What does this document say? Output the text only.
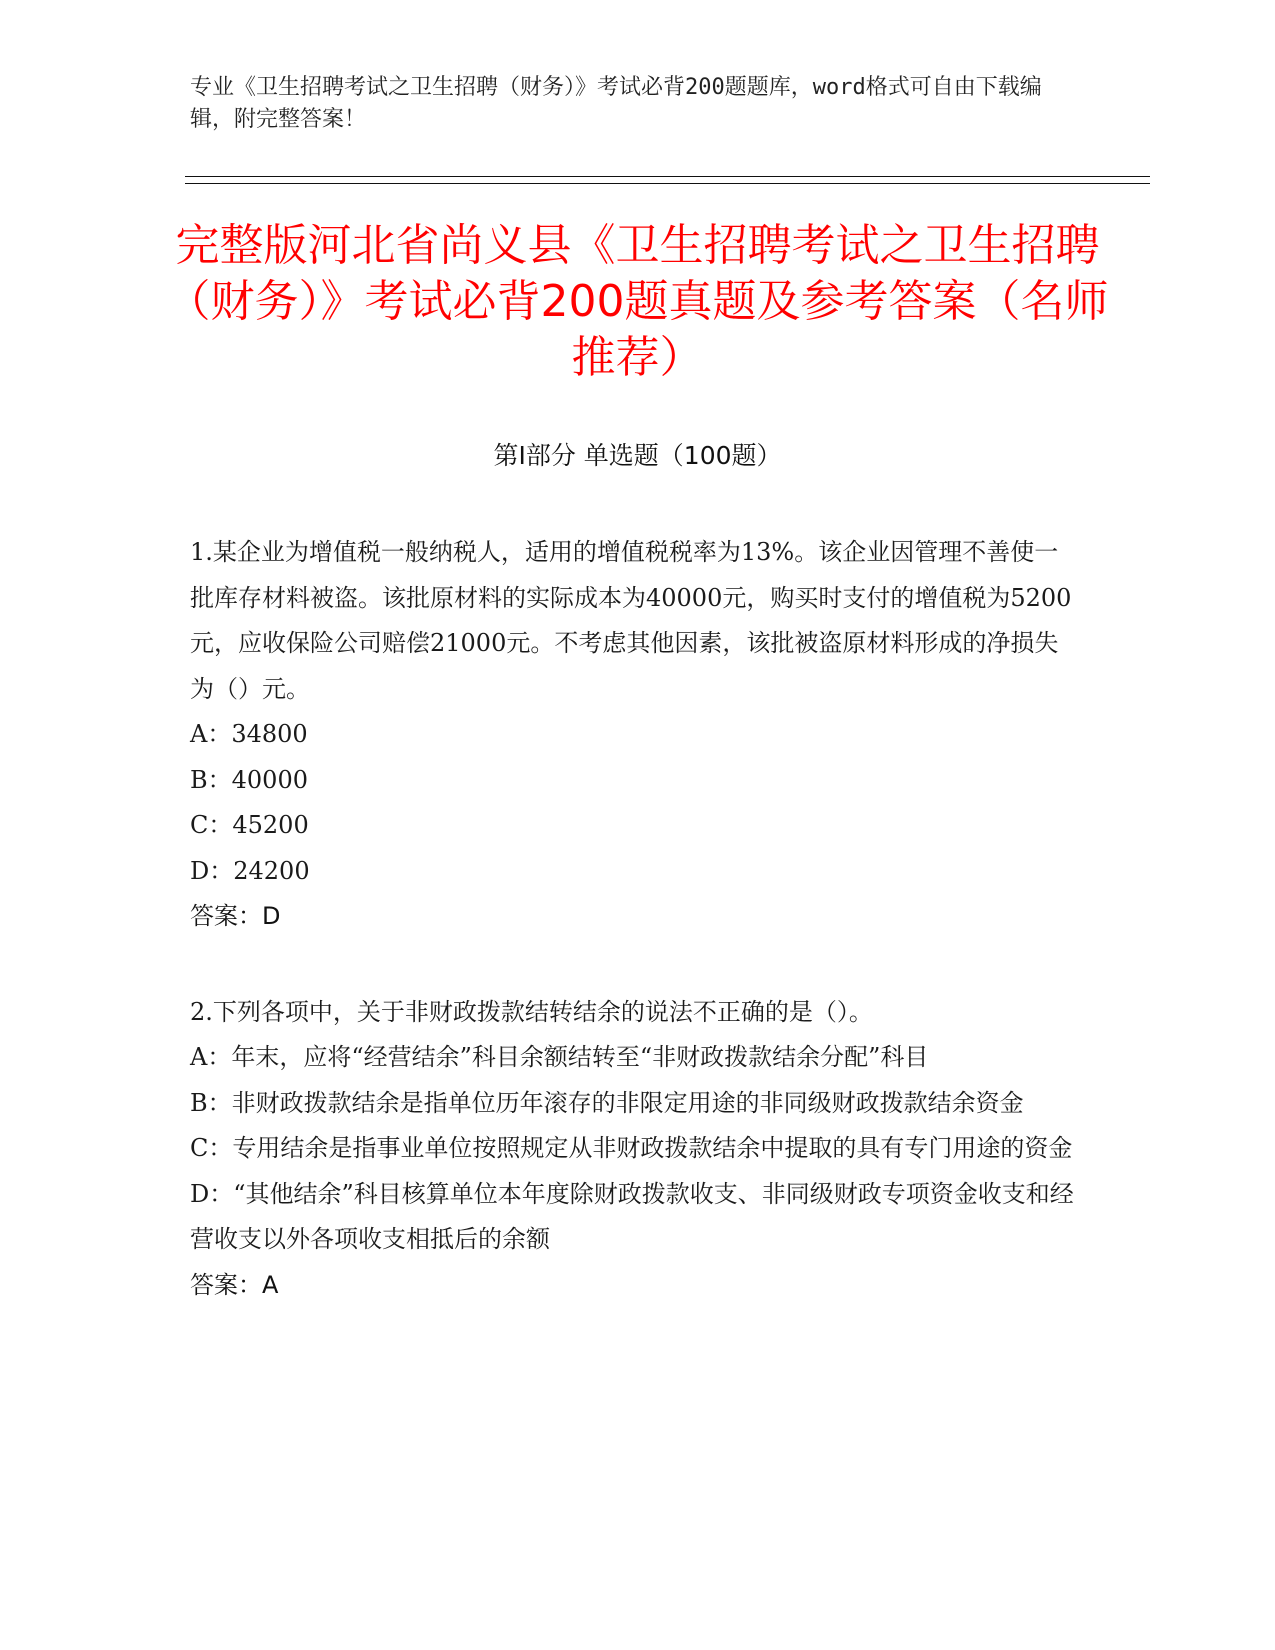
专业《卫生招聘考试之卫生招聘（财务）》考试必背200题题库，word格式可自由下载编辑，附完整答案！

完整版河北省尚义县《卫生招聘考试之卫生招聘（财务）》考试必背200题真题及参考答案（名师推荐）
第Ⅰ部分 单选题（100题）

1.某企业为增值税一般纳税人，适用的增值税税率为13%。该企业因管理不善使一批库存材料被盗。该批原材料的实际成本为40000元，购买时支付的增值税为5200元，应收保险公司赔偿21000元。不考虑其他因素，该批被盗原材料形成的净损失为（）元。

A：34800

B：40000

C：45200

D：24200

答案：D

2.下列各项中，关于非财政拨款结转结余的说法不正确的是（）。

A：年末，应将“经营结余”科目余额结转至“非财政拨款结余分配”科目

B：非财政拨款结余是指单位历年滚存的非限定用途的非同级财政拨款结余资金

C：专用结余是指事业单位按照规定从非财政拨款结余中提取的具有专门用途的资金

D：“其他结余”科目核算单位本年度除财政拨款收支、非同级财政专项资金收支和经营收支以外各项收支相抵后的余额

答案：A
